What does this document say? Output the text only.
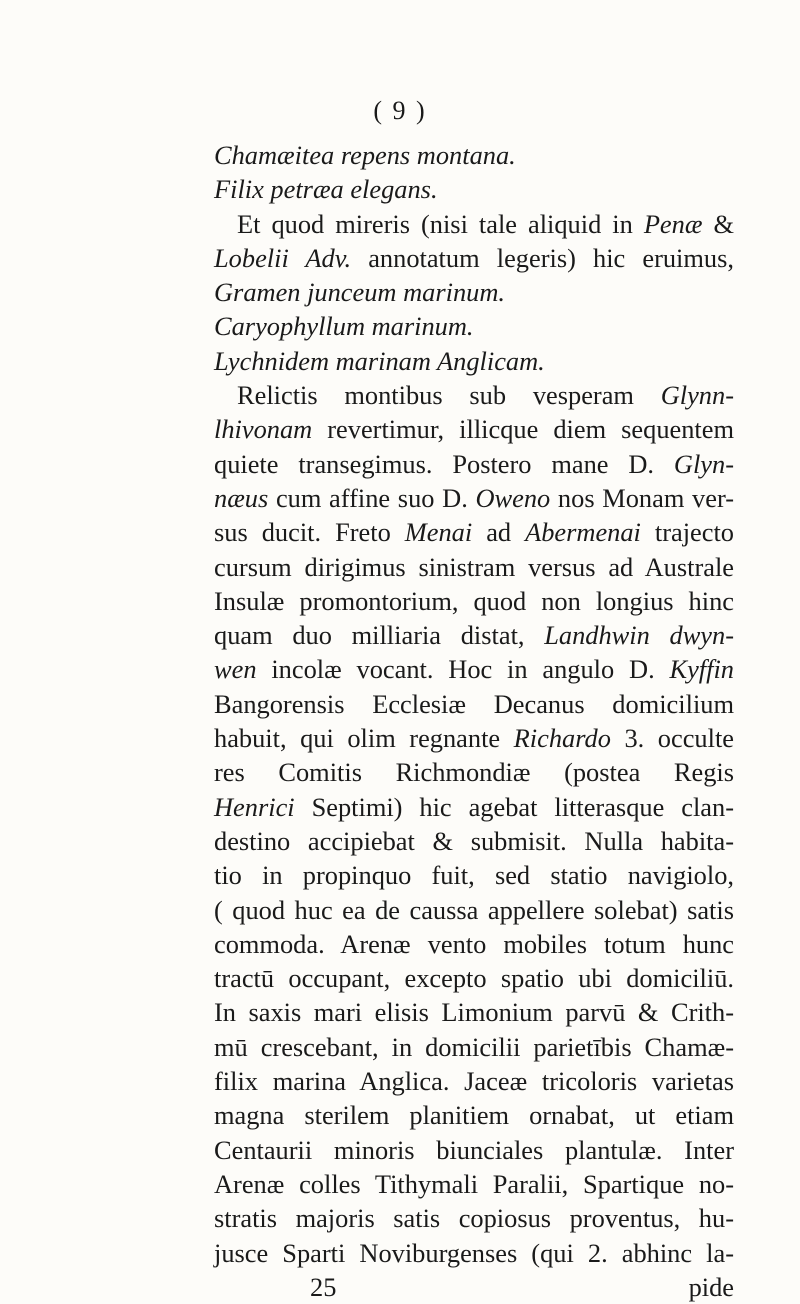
( 9 )
Chamæitea repens montana.
Filix petræa elegans.
Et quod mireris (nisi tale aliquid in Penæ &
Lobelii Adv. annotatum legeris) hic eruimus,
Gramen junceum marinum.
Caryophyllum marinum.
Lychnidem marinam Anglicam.
Relictis montibus sub vesperam Glynn-
lhivonam revertimur, illicque diem sequentem
quiete transegimus. Postero mane D. Glyn-
næus cum affine suo D. Oweno nos Monam ver-
sus ducit. Freto Menai ad Abermenai trajecto
cursum dirigimus sinistram versus ad Australe
Insulæ promontorium, quod non longius hinc
quam duo milliaria distat, Landhwin dwyn-
wen incolæ vocant. Hoc in angulo D. Kyffin
Bangorensis Ecclesiæ Decanus domicilium
habuit, qui olim regnante Richardo 3. occulte
res Comitis Richmondiæ (postea Regis
Henrici Septimi) hic agebat litterasque clan-
destino accipiebat & submisit. Nulla habita-
tio in propinquo fuit, sed statio navigiolo,
( quod huc ea de caussa appellere solebat) satis
commoda. Arenæ vento mobiles totum hunc
tractū occupant, excepto spatio ubi domiciliū.
In saxis mari elisis Limonium parvū & Crith-
mū crescebant, in domicilii parietībis Chamæ-
filix marina Anglica. Jaceæ tricoloris varietas
magna sterilem planitiem ornabat, ut etiam
Centaurii minoris biunciales plantulæ. Inter
Arenæ colles Tithymali Paralii, Spartique no-
stratis majoris satis copiosus proventus, hu-
jusce Sparti Noviburgenses (qui 2. abhinc la-
25	pide
